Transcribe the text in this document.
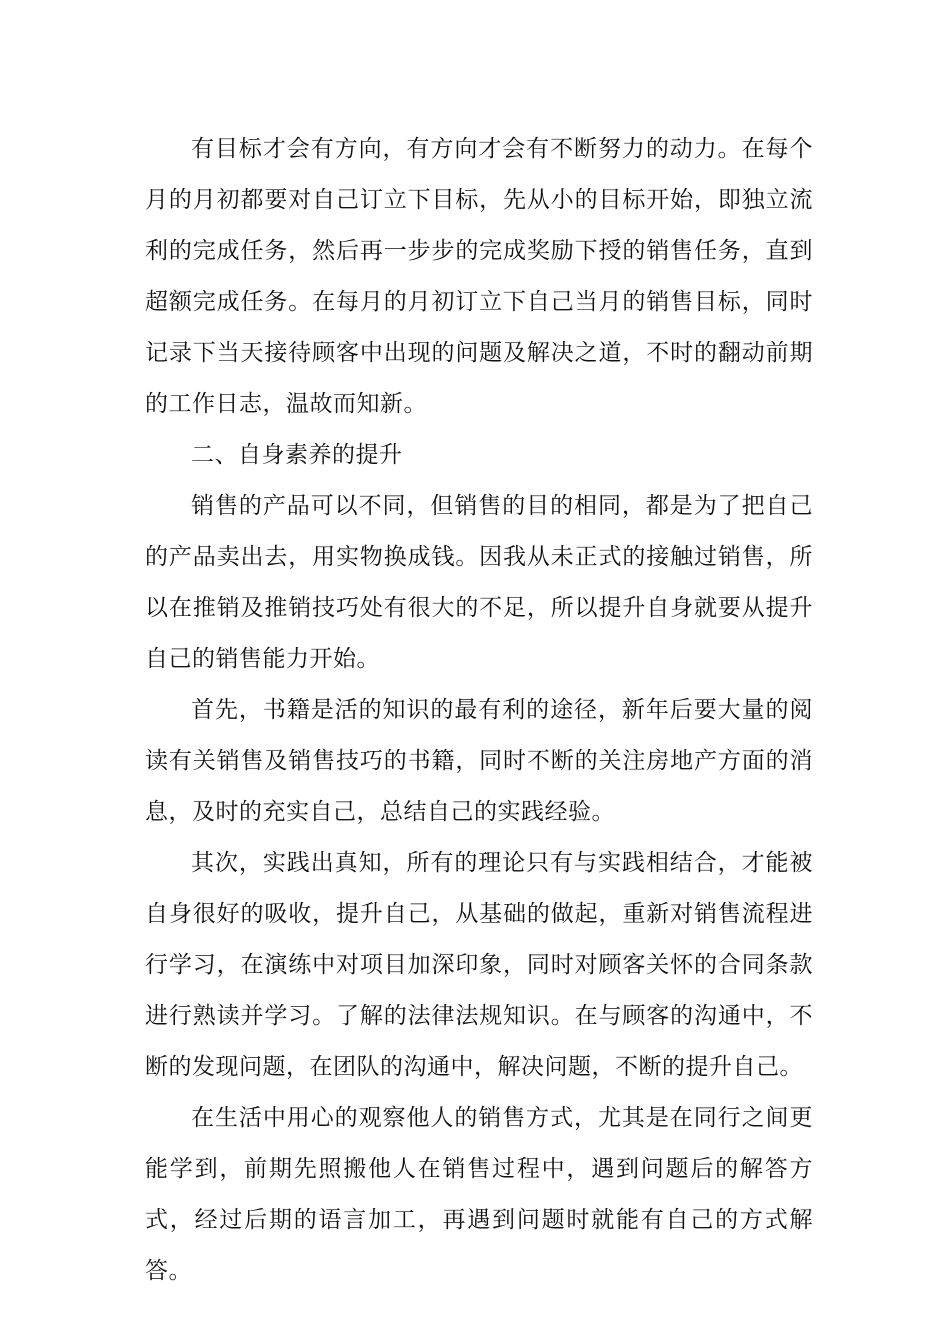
有目标才会有方向，有方向才会有不断努力的动力。在每个月的月初都要对自己订立下目标，先从小的目标开始，即独立流利的完成任务，然后再一步步的完成奖励下授的销售任务，直到超额完成任务。在每月的月初订立下自己当月的销售目标，同时记录下当天接待顾客中出现的问题及解决之道，不时的翻动前期的工作日志，温故而知新。

二、自身素养的提升

销售的产品可以不同，但销售的目的相同，都是为了把自己的产品卖出去，用实物换成钱。因我从未正式的接触过销售，所以在推销及推销技巧处有很大的不足，所以提升自身就要从提升自己的销售能力开始。

首先，书籍是活的知识的最有利的途径，新年后要大量的阅读有关销售及销售技巧的书籍，同时不断的关注房地产方面的消息，及时的充实自己，总结自己的实践经验。

其次，实践出真知，所有的理论只有与实践相结合，才能被自身很好的吸收，提升自己，从基础的做起，重新对销售流程进行学习，在演练中对项目加深印象，同时对顾客关怀的合同条款进行熟读并学习。了解的法律法规知识。在与顾客的沟通中，不断的发现问题，在团队的沟通中，解决问题，不断的提升自己。

在生活中用心的观察他人的销售方式，尤其是在同行之间更能学到，前期先照搬他人在销售过程中，遇到问题后的解答方式，经过后期的语言加工，再遇到问题时就能有自己的方式解答。
